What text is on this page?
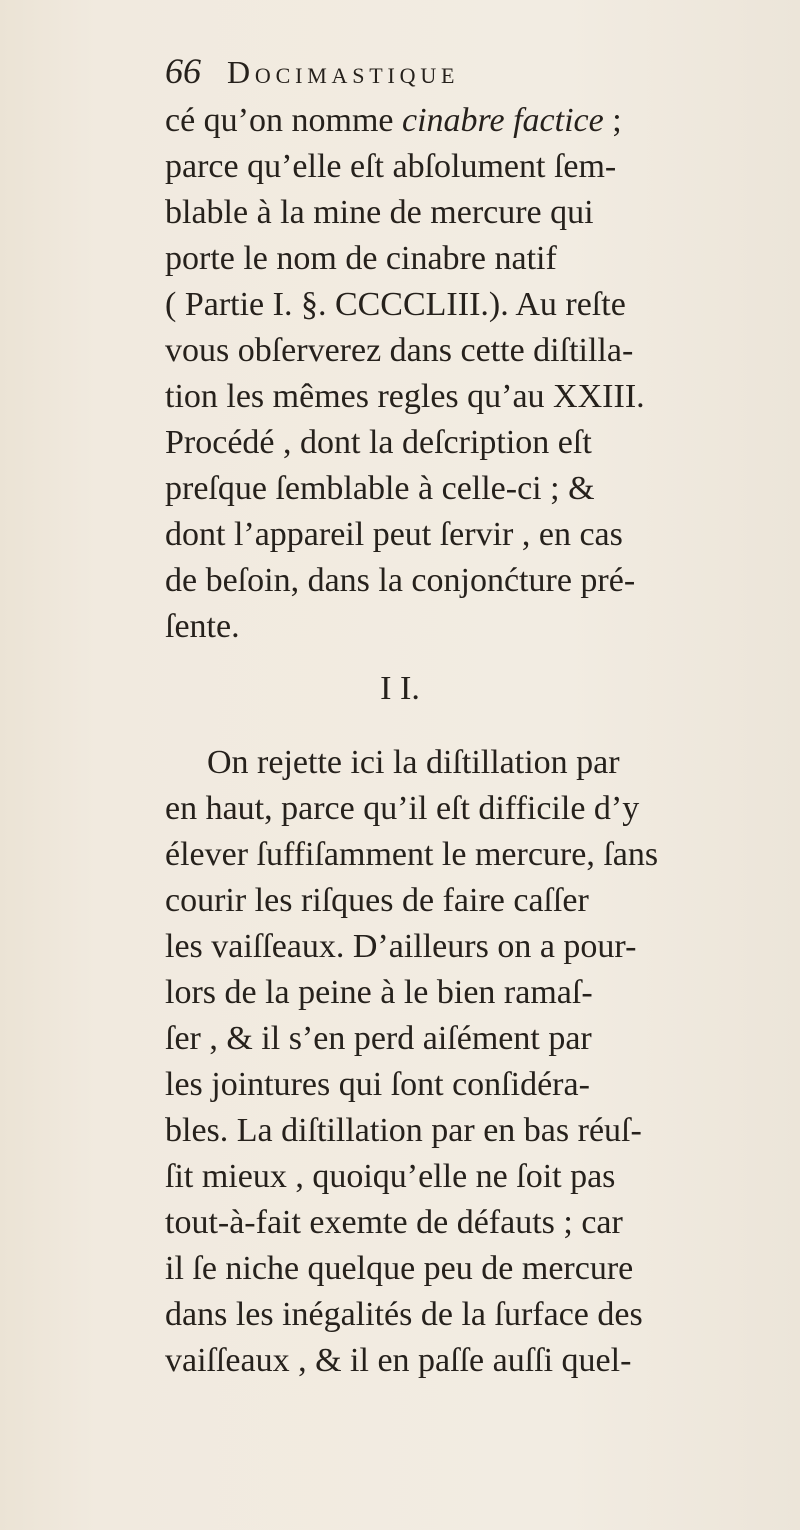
66 Docimastique
cé qu’on nomme cinabre factice ;
parce qu’elle eſt abſolument ſem-
blable à la mine de mercure qui
porte le nom de cinabre natif
( Partie I. §. CCCCLIII.). Au reſte
vous obſerverez dans cette diſtilla-
tion les mêmes regles qu’au XXIII.
Procédé , dont la deſcription eſt
preſque ſemblable à celle-ci ; &
dont l’appareil peut ſervir , en cas
de beſoin, dans la conjonćture pré-
ſente.
I I.
On rejette ici la diſtillation par
en haut, parce qu’il eſt difficile d’y
élever ſuffiſamment le mercure, ſans
courir les riſques de faire caſſer
les vaiſſeaux. D’ailleurs on a pour-
lors de la peine à le bien ramaſ-
ſer , & il s’en perd aiſément par
les jointures qui ſont conſidéra-
bles. La diſtillation par en bas réuſ-
ſit mieux , quoiqu’elle ne ſoit pas
tout-à-fait exemte de défauts ; car
il ſe niche quelque peu de mercure
dans les inégalités de la ſurface des
vaiſſeaux , & il en paſſe auſſi quel-
